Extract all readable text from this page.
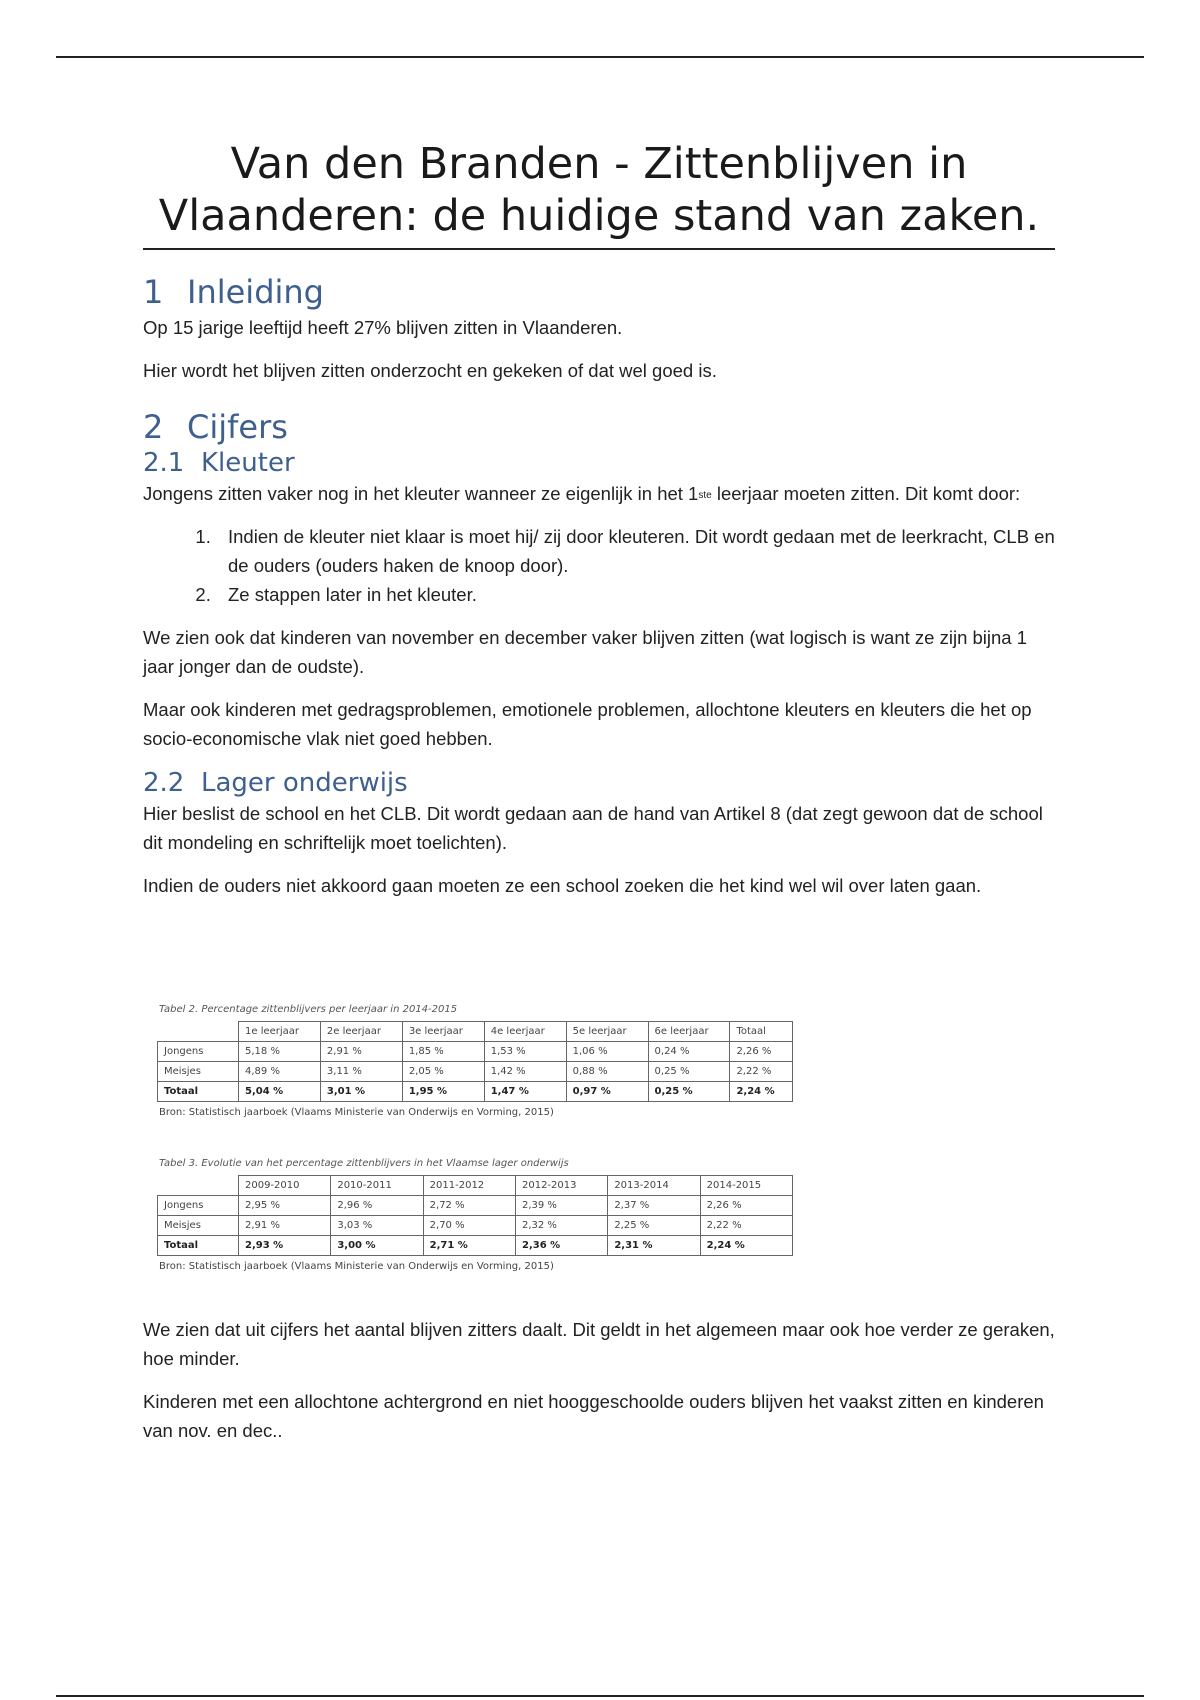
Van den Branden - Zittenblijven in Vlaanderen: de huidige stand van zaken.
1 Inleiding

Op 15 jarige leeftijd heeft 27% blijven zitten in Vlaanderen.

Hier wordt het blijven zitten onderzocht en gekeken of dat wel goed is.

2 Cijfers
2.1 Kleuter

Jongens zitten vaker nog in het kleuter wanneer ze eigenlijk in het 1ste leerjaar moeten zitten. Dit komt door:

1. Indien de kleuter niet klaar is moet hij/ zij door kleuteren. Dit wordt gedaan met de leerkracht, CLB en de ouders (ouders haken de knoop door).
2. Ze stappen later in het kleuter.

We zien ook dat kinderen van november en december vaker blijven zitten (wat logisch is want ze zijn bijna 1 jaar jonger dan de oudste).

Maar ook kinderen met gedragsproblemen, emotionele problemen, allochtone kleuters en kleuters die het op socio-economische vlak niet goed hebben.

2.2 Lager onderwijs

Hier beslist de school en het CLB. Dit wordt gedaan aan de hand van Artikel 8 (dat zegt gewoon dat de school dit mondeling en schriftelijk moet toelichten).

Indien de ouders niet akkoord gaan moeten ze een school zoeken die het kind wel wil over laten gaan.

Tabel 2. Percentage zittenblijvers per leerjaar in 2014-2015
	1e leerjaar	2e leerjaar	3e leerjaar	4e leerjaar	5e leerjaar	6e leerjaar	Totaal
Jongens	5,18 %	2,91 %	1,85 %	1,53 %	1,06 %	0,24 %	2,26 %
Meisjes	4,89 %	3,11 %	2,05 %	1,42 %	0,88 %	0,25 %	2,22 %
Totaal	5,04 %	3,01 %	1,95 %	1,47 %	0,97 %	0,25 %	2,24 %
Bron: Statistisch jaarboek (Vlaams Ministerie van Onderwijs en Vorming, 2015)
Tabel 3. Evolutie van het percentage zittenblijvers in het Vlaamse lager onderwijs
	2009-2010	2010-2011	2011-2012	2012-2013	2013-2014	2014-2015
Jongens	2,95 %	2,96 %	2,72 %	2,39 %	2,37 %	2,26 %
Meisjes	2,91 %	3,03 %	2,70 %	2,32 %	2,25 %	2,22 %
Totaal	2,93 %	3,00 %	2,71 %	2,36 %	2,31 %	2,24 %
Bron: Statistisch jaarboek (Vlaams Ministerie van Onderwijs en Vorming, 2015)

We zien dat uit cijfers het aantal blijven zitters daalt. Dit geldt in het algemeen maar ook hoe verder ze geraken, hoe minder.

Kinderen met een allochtone achtergrond en niet hooggeschoolde ouders blijven het vaakst zitten en kinderen van nov. en dec..
